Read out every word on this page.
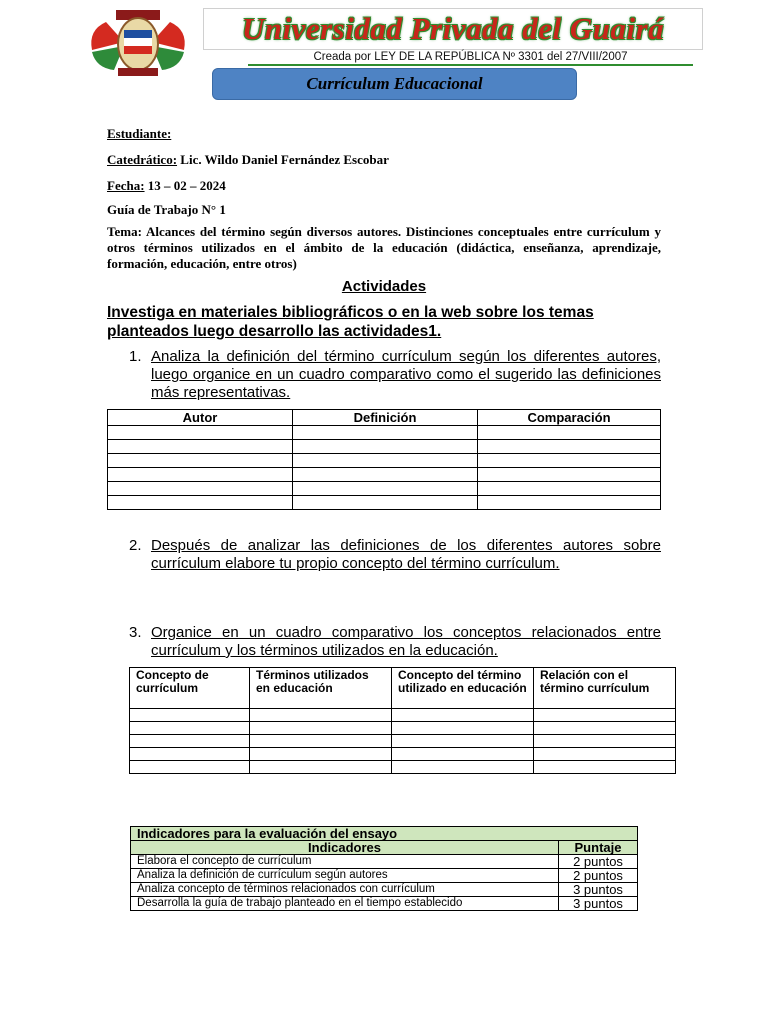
Universidad Privada del Guairá
Creada por LEY DE LA REPÚBLICA Nº 3301 del 27/VIII/2007
Currículum Educacional
Estudiante:
Catedrático: Lic. Wildo Daniel Fernández Escobar
Fecha: 13 – 02 – 2024
Guía de Trabajo N° 1
Tema: Alcances del término según diversos autores. Distinciones conceptuales entre currículum y otros términos utilizados en el ámbito de la educación (didáctica, enseñanza, aprendizaje, formación, educación, entre otros)
Actividades
Investiga en materiales bibliográficos o en la web sobre los temas planteados luego desarrollo las actividades1.
1. Analiza la definición del término currículum según los diferentes autores, luego organice en un cuadro comparativo como el sugerido las definiciones más representativas.
Autor	Definición	Comparación

2. Después de analizar las definiciones de los diferentes autores sobre currículum elabore tu propio concepto del término currículum.
3. Organice en un cuadro comparativo los conceptos relacionados entre currículum y los términos utilizados en la educación.
Concepto de currículum	Términos utilizados en educación	Concepto del término utilizado en educación	Relación con el término currículum

Indicadores para la evaluación del ensayo	
Indicadores	Puntaje
Elabora el concepto de currículum	2 puntos
Analiza la definición de currículum según autores	2 puntos
Analiza concepto de términos relacionados con currículum	3 puntos
Desarrolla la guía de trabajo planteado en el tiempo establecido	3 puntos
